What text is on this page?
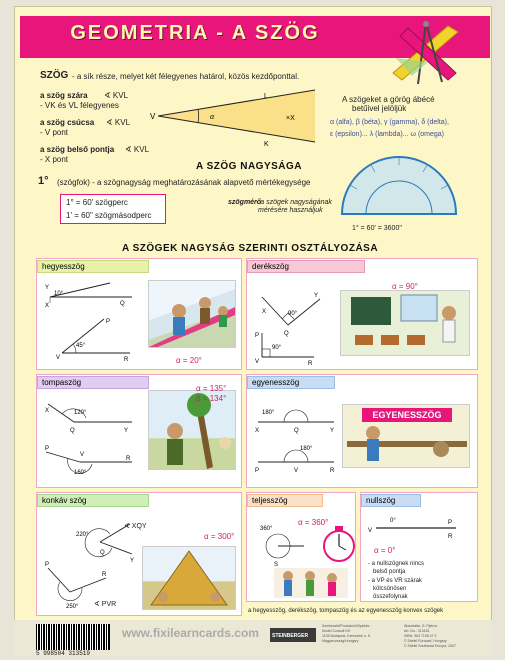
GEOMETRIA - A SZÖG
SZÖG - a sík része, melyet két félegyenes határol, közös kezdőponttal.
a szög szára ∢ KVL
- VK és VL félegyenes
a szög csúcsa ∢ KVL
- V pont
a szög belső pontja ∢ KVL
- X pont
V	α
L
K
×X
A szögeket a görög ábécé
betűivel jelöljük
α (alfa), β (béta), γ (gamma), δ (delta),
ε (epsilon)... λ (lambda)... ω (omega)
A SZÖG NAGYSÁGA
1° (szögfok) - a szögnagyság meghatározásának alapvető mértékegysége
1° = 60' szögperc
1' = 60" szögmásodperc
szögmérő
- a szögek nagyságának
mérésére használjuk
1° = 60' = 3600"
A SZÖGEK NAGYSÁG SZERINTI OSZTÁLYOZÁSA
hegyesszög
10°
X
Y
Q
45°
V
P
R	α = 20°
derékszög
90°
X
Y
Q
90°
P
V	R
α = 90°
tompaszög
120°
X
Q	Y
160°
P
V
R
α = 135°
β = 134°
egyenesszög
180°
X	Q	Y
180°
P	V	R
EGYENESSZÖG
konkáv szög
220°
Q
Y
250°
P
R
∢ XQY
∢ PVR
α = 300°
teljesszög
360°
S
α = 360°
nullszög
0°
V
P
R
α = 0°
- a nullszögnek nincs
belső pontja
- a VP és VR szárak
kölcsönösen
összefolynak
a hegyesszög, derékszög, tompaszög és az egyenesszög konvex szögek
5 998504 313519
www.fixilearncards.com	STEINBERGER
Szerkesztő/Produkció/Gyártás:
Model Consult Kft.
1106 Budapest, Keresztúri u. 5.
Magyarország/Hungary
Illusztrálta: G. Pjetrov
Art. No.: 313151
ISBN: 963 7108 47 3
© Stiefel Eurocart, Hungary
© Stiefel Southeast Europe, 2007
